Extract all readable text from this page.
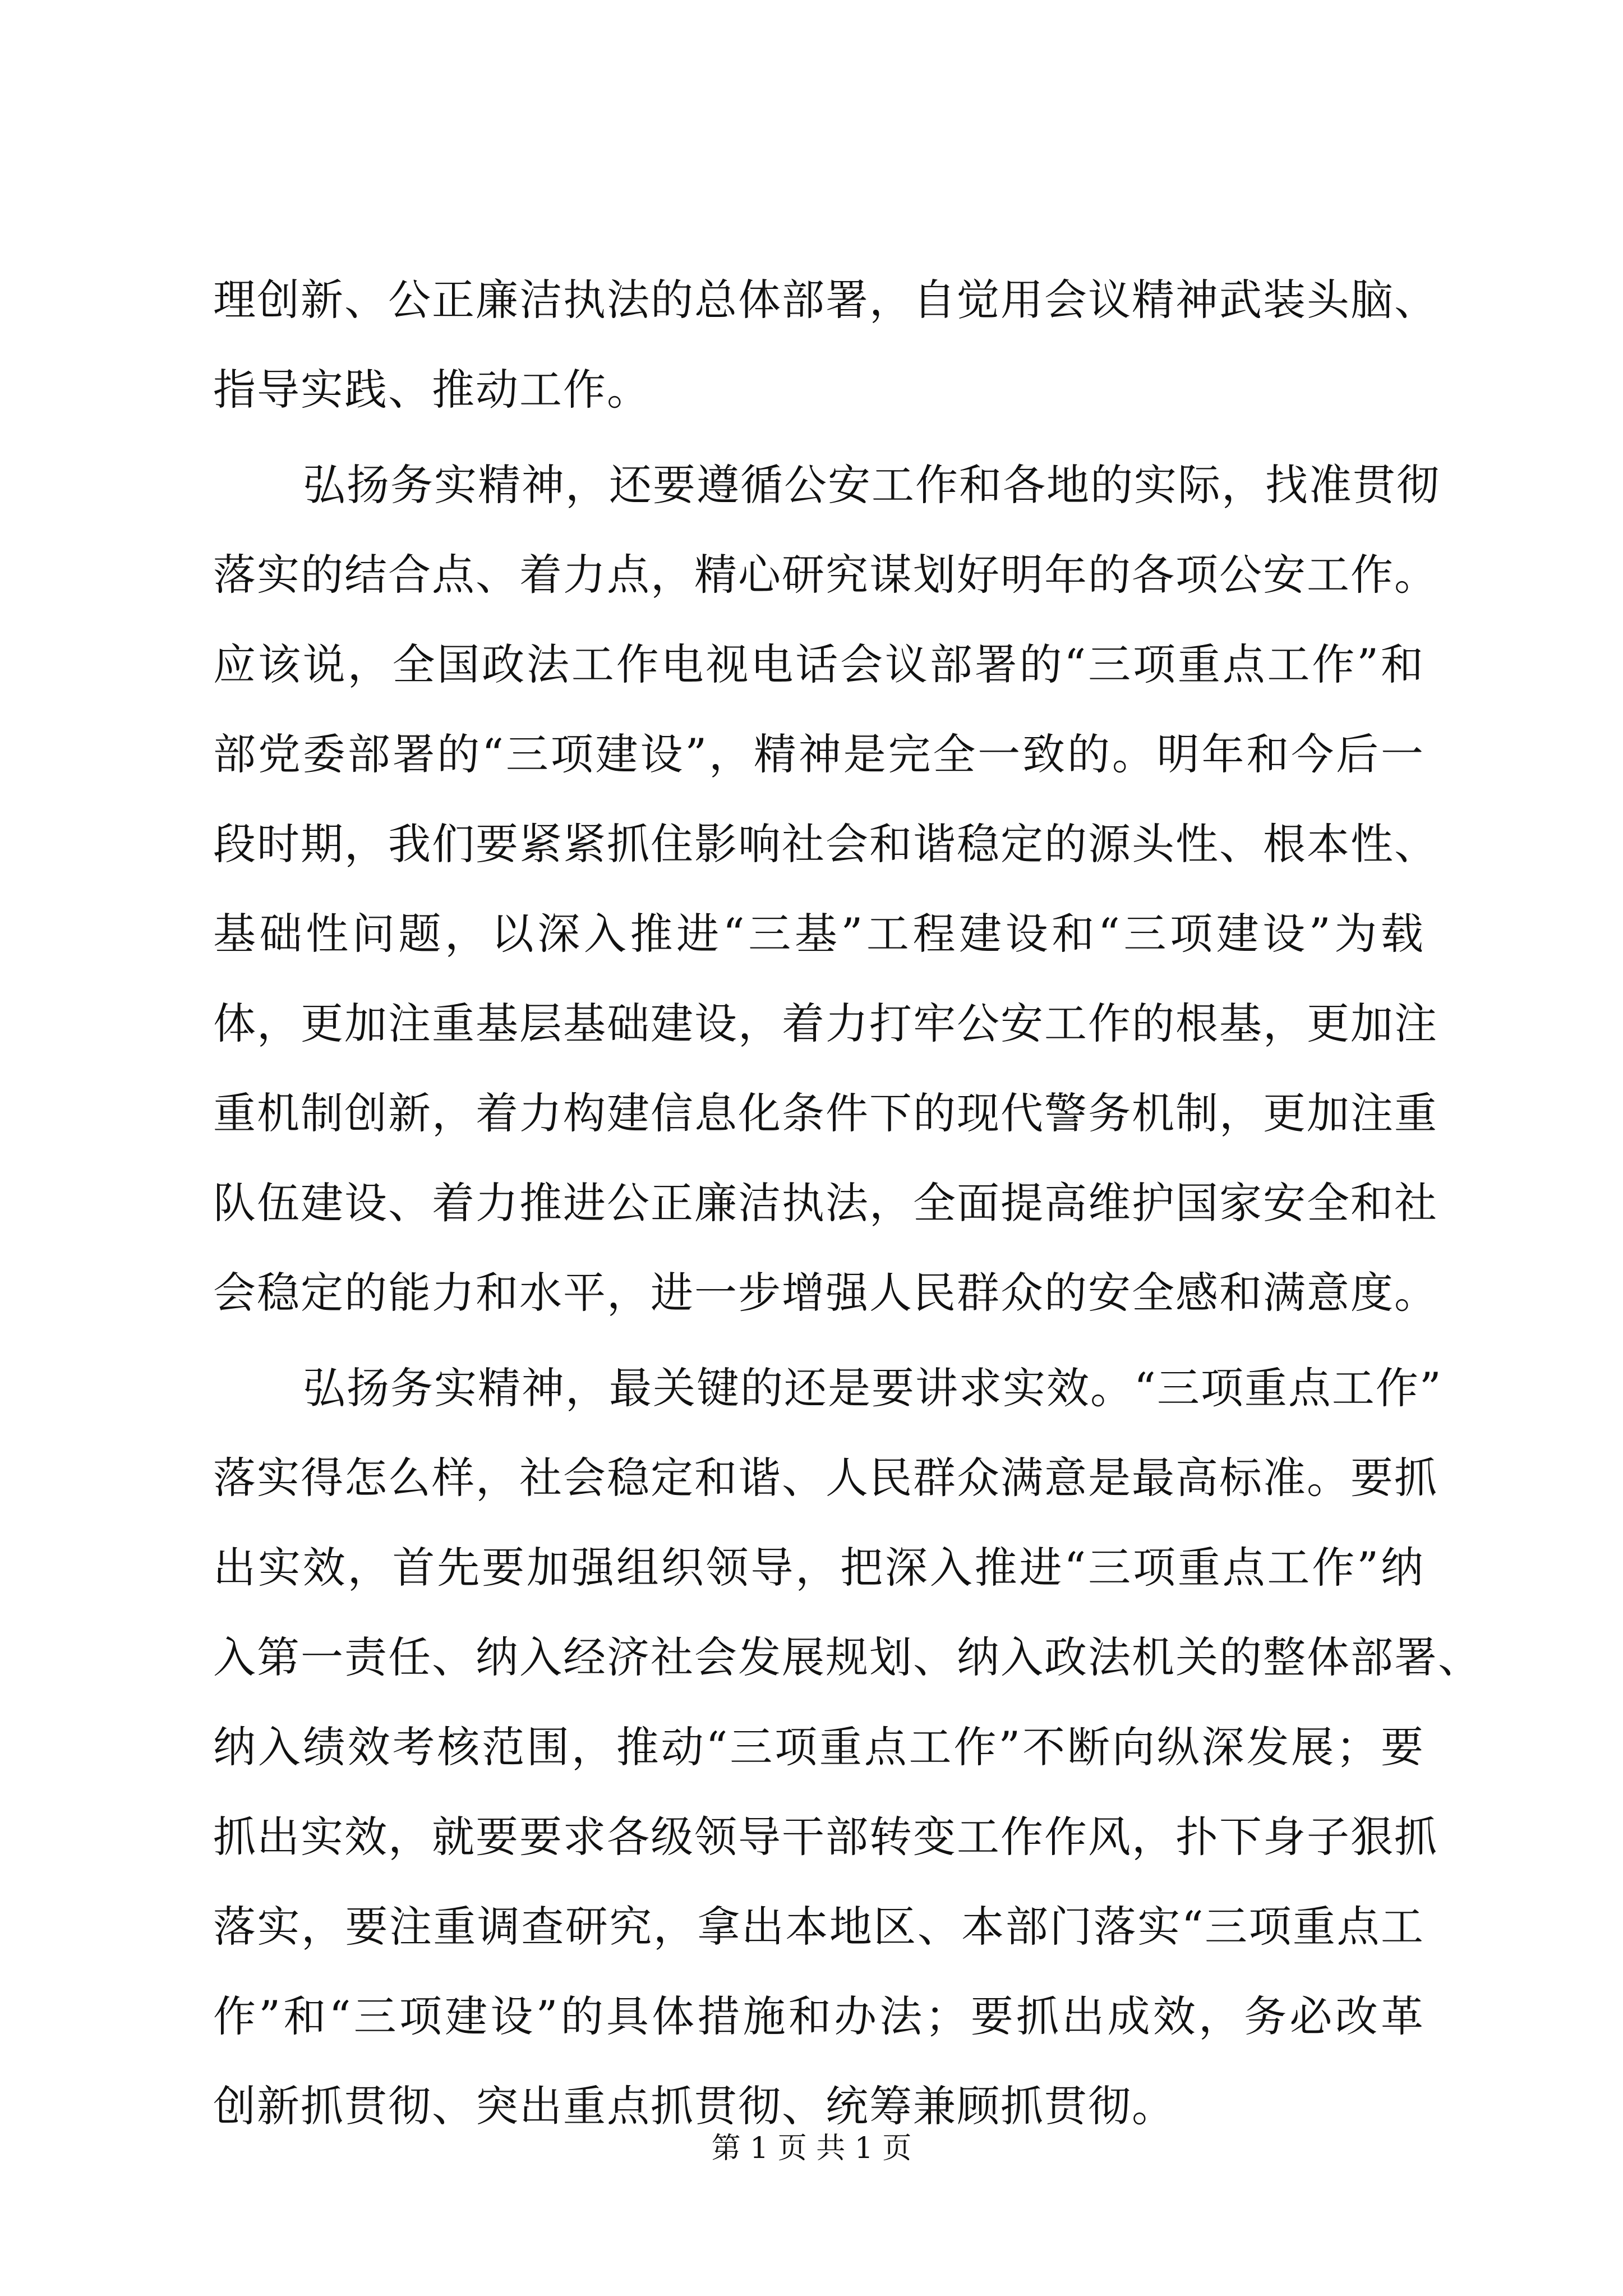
理创新、公正廉洁执法的总体部署，自觉用会议精神武装头脑、
指导实践、推动工作。
弘扬务实精神，还要遵循公安工作和各地的实际，找准贯彻
落实的结合点、着力点，精心研究谋划好明年的各项公安工作。
应该说，全国政法工作电视电话会议部署的“三项重点工作”和
部党委部署的“三项建设”，精神是完全一致的。明年和今后一
段时期，我们要紧紧抓住影响社会和谐稳定的源头性、根本性、
基础性问题，以深入推进“三基”工程建设和“三项建设”为载
体，更加注重基层基础建设，着力打牢公安工作的根基，更加注
重机制创新，着力构建信息化条件下的现代警务机制，更加注重
队伍建设、着力推进公正廉洁执法，全面提高维护国家安全和社
会稳定的能力和水平，进一步增强人民群众的安全感和满意度。
弘扬务实精神，最关键的还是要讲求实效。“三项重点工作”
落实得怎么样，社会稳定和谐、人民群众满意是最高标准。要抓
出实效，首先要加强组织领导，把深入推进“三项重点工作”纳
入第一责任、纳入经济社会发展规划、纳入政法机关的整体部署、
纳入绩效考核范围，推动“三项重点工作”不断向纵深发展；要
抓出实效，就要要求各级领导干部转变工作作风，扑下身子狠抓
落实，要注重调查研究，拿出本地区、本部门落实“三项重点工
作”和“三项建设”的具体措施和办法；要抓出成效，务必改革
创新抓贯彻、突出重点抓贯彻、统筹兼顾抓贯彻。
第 1 页 共 1 页
